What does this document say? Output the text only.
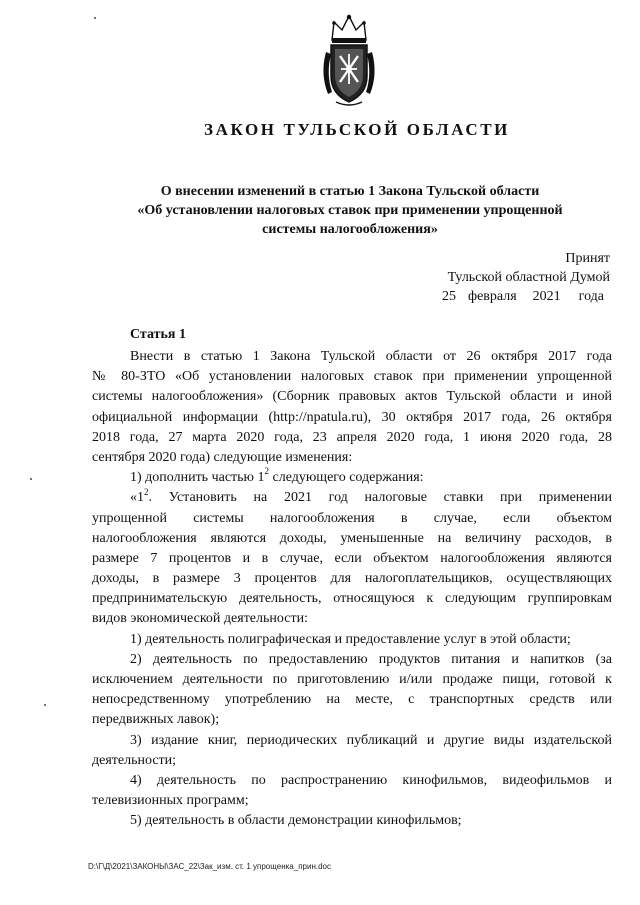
ЗАКОН ТУЛЬСКОЙ ОБЛАСТИ
О внесении изменений в статью 1 Закона Тульской области
«Об установлении налоговых ставок при применении упрощенной
системы налогообложения»
Принят
Тульской областной Думой
25 февраля 2021 года
Статья 1
Внести в статью 1 Закона Тульской области от 26 октября 2017 года
№ 80-ЗТО «Об установлении налоговых ставок при применении упрощенной
системы налогообложения» (Сборник правовых актов Тульской области и иной
официальной информации (http://npatula.ru), 30 октября 2017 года, 26 октября
2018 года, 27 марта 2020 года, 23 апреля 2020 года, 1 июня 2020 года, 28
сентября 2020 года) следующие изменения:
1) дополнить частью $1^2$ следующего содержания:
«$1^2$. Установить на 2021 год налоговые ставки при применении
упрощенной системы налогообложения в случае, если объектом
налогообложения являются доходы, уменьшенные на величину расходов, в
размере 7 процентов и в случае, если объектом налогообложения являются
доходы, в размере 3 процентов для налогоплательщиков, осуществляющих
предпринимательскую деятельность, относящуюся к следующим группировкам
видов экономической деятельности:
1) деятельность полиграфическая и предоставление услуг в этой области;
2) деятельность по предоставлению продуктов питания и напитков (за
исключением деятельности по приготовлению и/или продаже пищи, готовой к
непосредственному употреблению на месте, с транспортных средств или
передвижных лавок);
3) издание книг, периодических публикаций и другие виды издательской
деятельности;
4) деятельность по распространению кинофильмов, видеофильмов и
телевизионных программ;
5) деятельность в области демонстрации кинофильмов;
D:\Г\Д\2021\ЗАКОНЫ\ЗАС_22\Зак_изм. ст. 1 упрощенка_прин.doc
